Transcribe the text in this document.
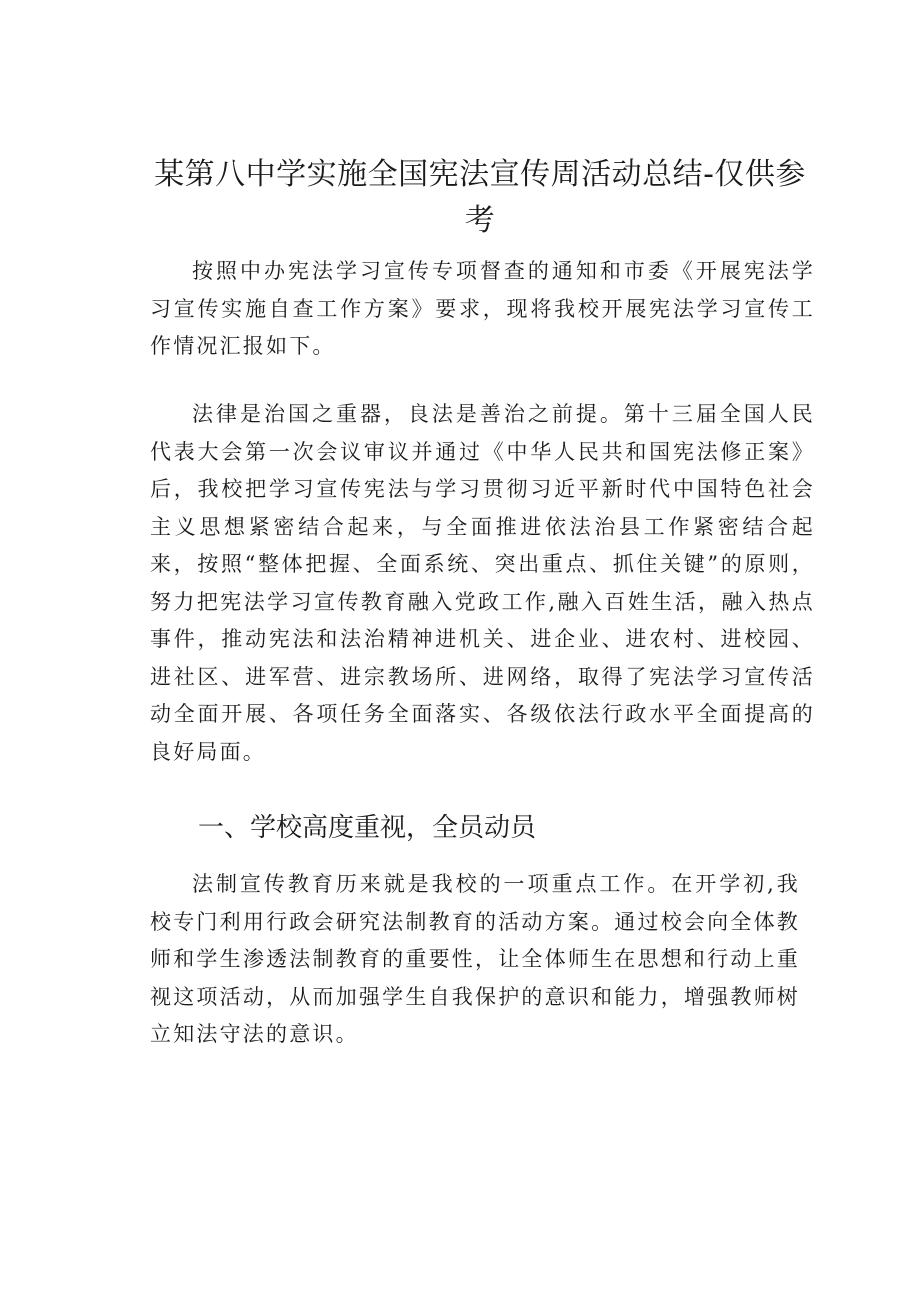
某第八中学实施全国宪法宣传周活动总结-仅供参考

按照中办宪法学习宣传专项督查的通知和市委《开展宪法学习宣传实施自查工作方案》要求，现将我校开展宪法学习宣传工作情况汇报如下。

法律是治国之重器，良法是善治之前提。第十三届全国人民代表大会第一次会议审议并通过《中华人民共和国宪法修正案》后，我校把学习宣传宪法与学习贯彻习近平新时代中国特色社会主义思想紧密结合起来，与全面推进依法治县工作紧密结合起来，按照“整体把握、全面系统、突出重点、抓住关键”的原则，努力把宪法学习宣传教育融入党政工作,融入百姓生活，融入热点事件，推动宪法和法治精神进机关、进企业、进农村、进校园、进社区、进军营、进宗教场所、进网络，取得了宪法学习宣传活动全面开展、各项任务全面落实、各级依法行政水平全面提高的良好局面。

一、学校高度重视，全员动员

法制宣传教育历来就是我校的一项重点工作。在开学初,我校专门利用行政会研究法制教育的活动方案。通过校会向全体教师和学生渗透法制教育的重要性，让全体师生在思想和行动上重视这项活动，从而加强学生自我保护的意识和能力，增强教师树立知法守法的意识。
